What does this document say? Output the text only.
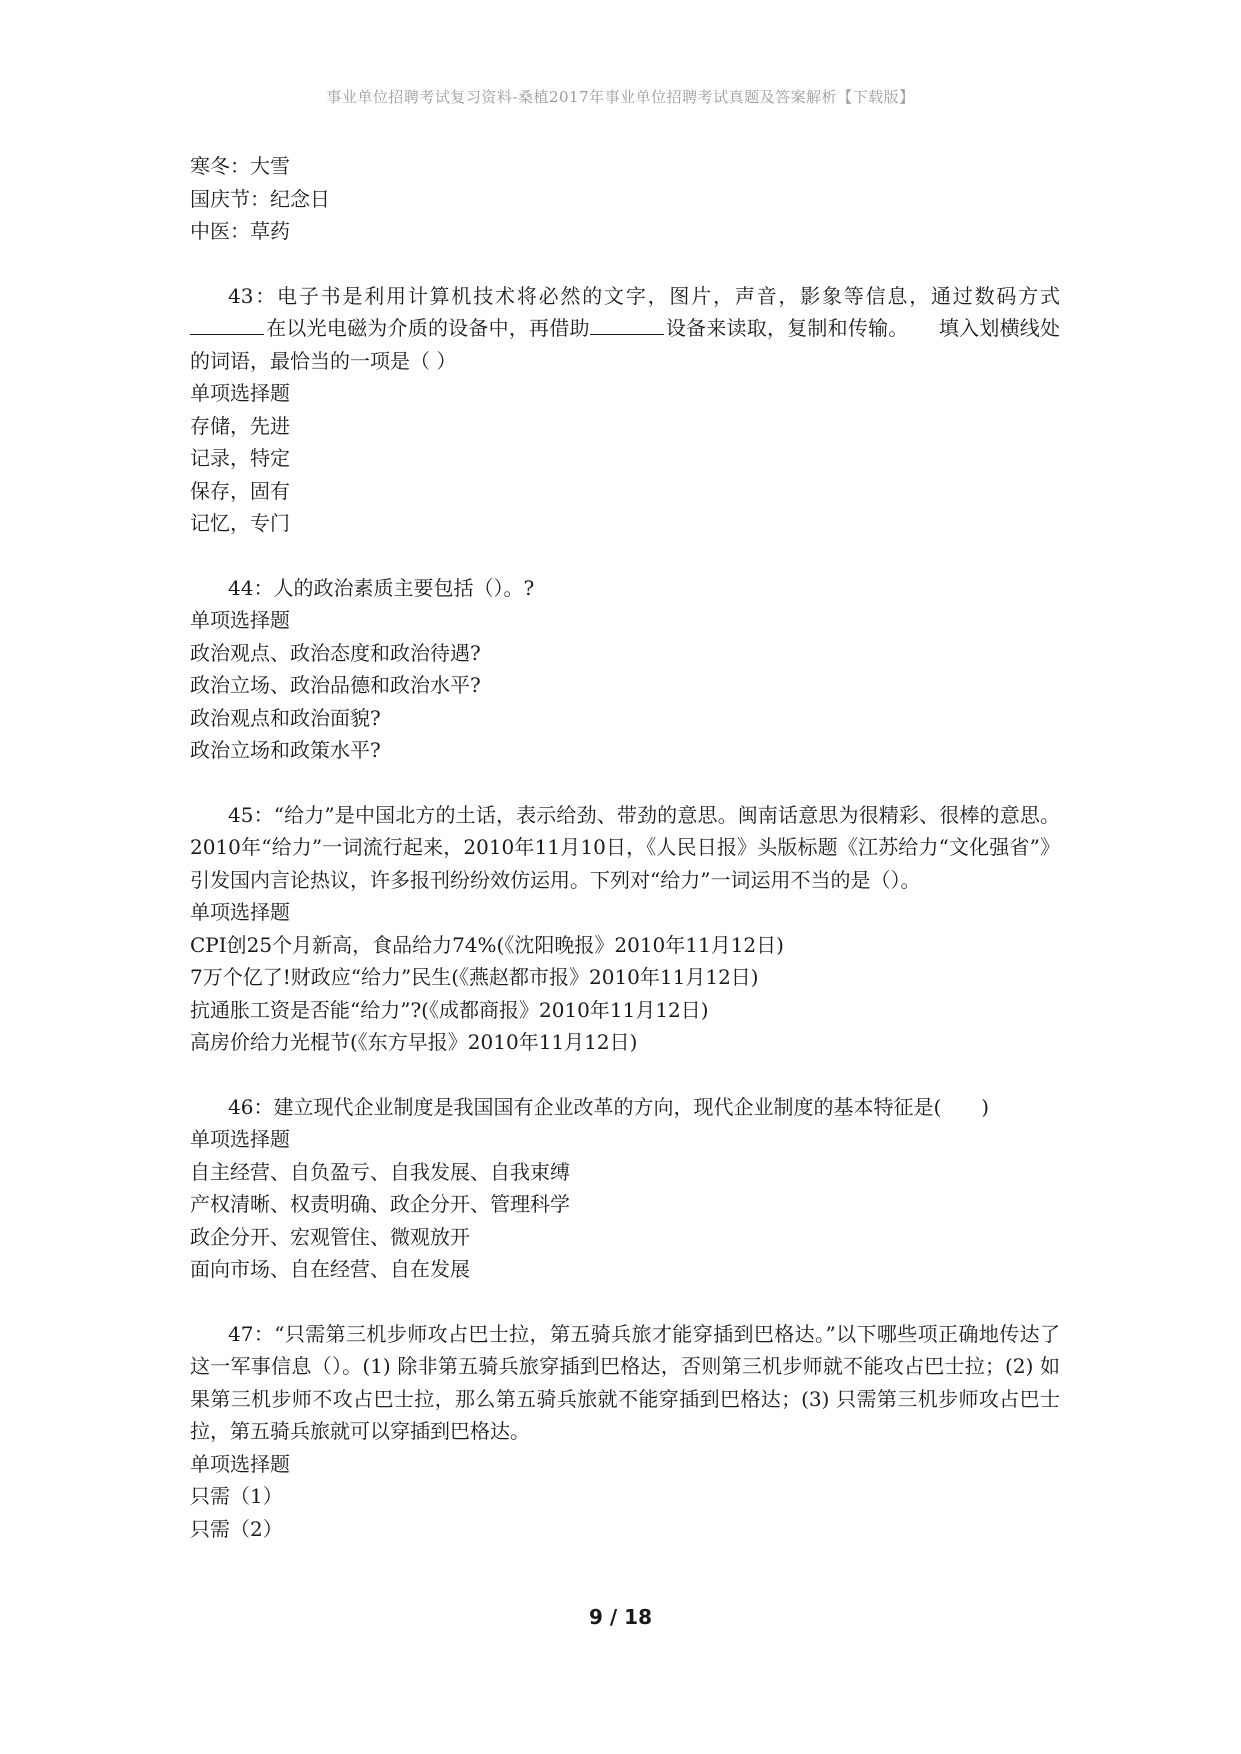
事业单位招聘考试复习资料-桑植2017年事业单位招聘考试真题及答案解析【下载版】
寒冬：大雪
国庆节：纪念日
中医：草药
43：电子书是利用计算机技术将必然的文字，图片，声音，影象等信息，通过数码方式在以光电磁为介质的设备中，再借助	设备来读取，复制和传输。　　填入划横线处的词语，最恰当的一项是（ ）
单项选择题
存储，先进
记录，特定
保存，固有
记忆，专门
44：人的政治素质主要包括（）。?
单项选择题
政治观点、政治态度和政治待遇?
政治立场、政治品德和政治水平?
政治观点和政治面貌?
政治立场和政策水平?
45：“给力”是中国北方的土话，表示给劲、带劲的意思。闽南话意思为很精彩、很棒的意思。2010年“给力”一词流行起来，2010年11月10日，《人民日报》头版标题《江苏给力“文化强省”》引发国内言论热议，许多报刊纷纷效仿运用。下列对“给力”一词运用不当的是（）。
单项选择题
CPI创25个月新高，食品给力74%(《沈阳晚报》2010年11月12日)
7万个亿了!财政应“给力”民生(《燕赵都市报》2010年11月12日)
抗通胀工资是否能“给力”?(《成都商报》2010年11月12日)
高房价给力光棍节(《东方早报》2010年11月12日)
46：建立现代企业制度是我国国有企业改革的方向，现代企业制度的基本特征是(　　)
单项选择题
自主经营、自负盈亏、自我发展、自我束缚
产权清晰、权责明确、政企分开、管理科学
政企分开、宏观管住、微观放开
面向市场、自在经营、自在发展
47：“只需第三机步师攻占巴士拉，第五骑兵旅才能穿插到巴格达。”以下哪些项正确地传达了这一军事信息（）。(1) 除非第五骑兵旅穿插到巴格达，否则第三机步师就不能攻占巴士拉；(2) 如果第三机步师不攻占巴士拉，那么第五骑兵旅就不能穿插到巴格达；(3) 只需第三机步师攻占巴士拉，第五骑兵旅就可以穿插到巴格达。
单项选择题
只需（1）
只需（2）
9 / 18
